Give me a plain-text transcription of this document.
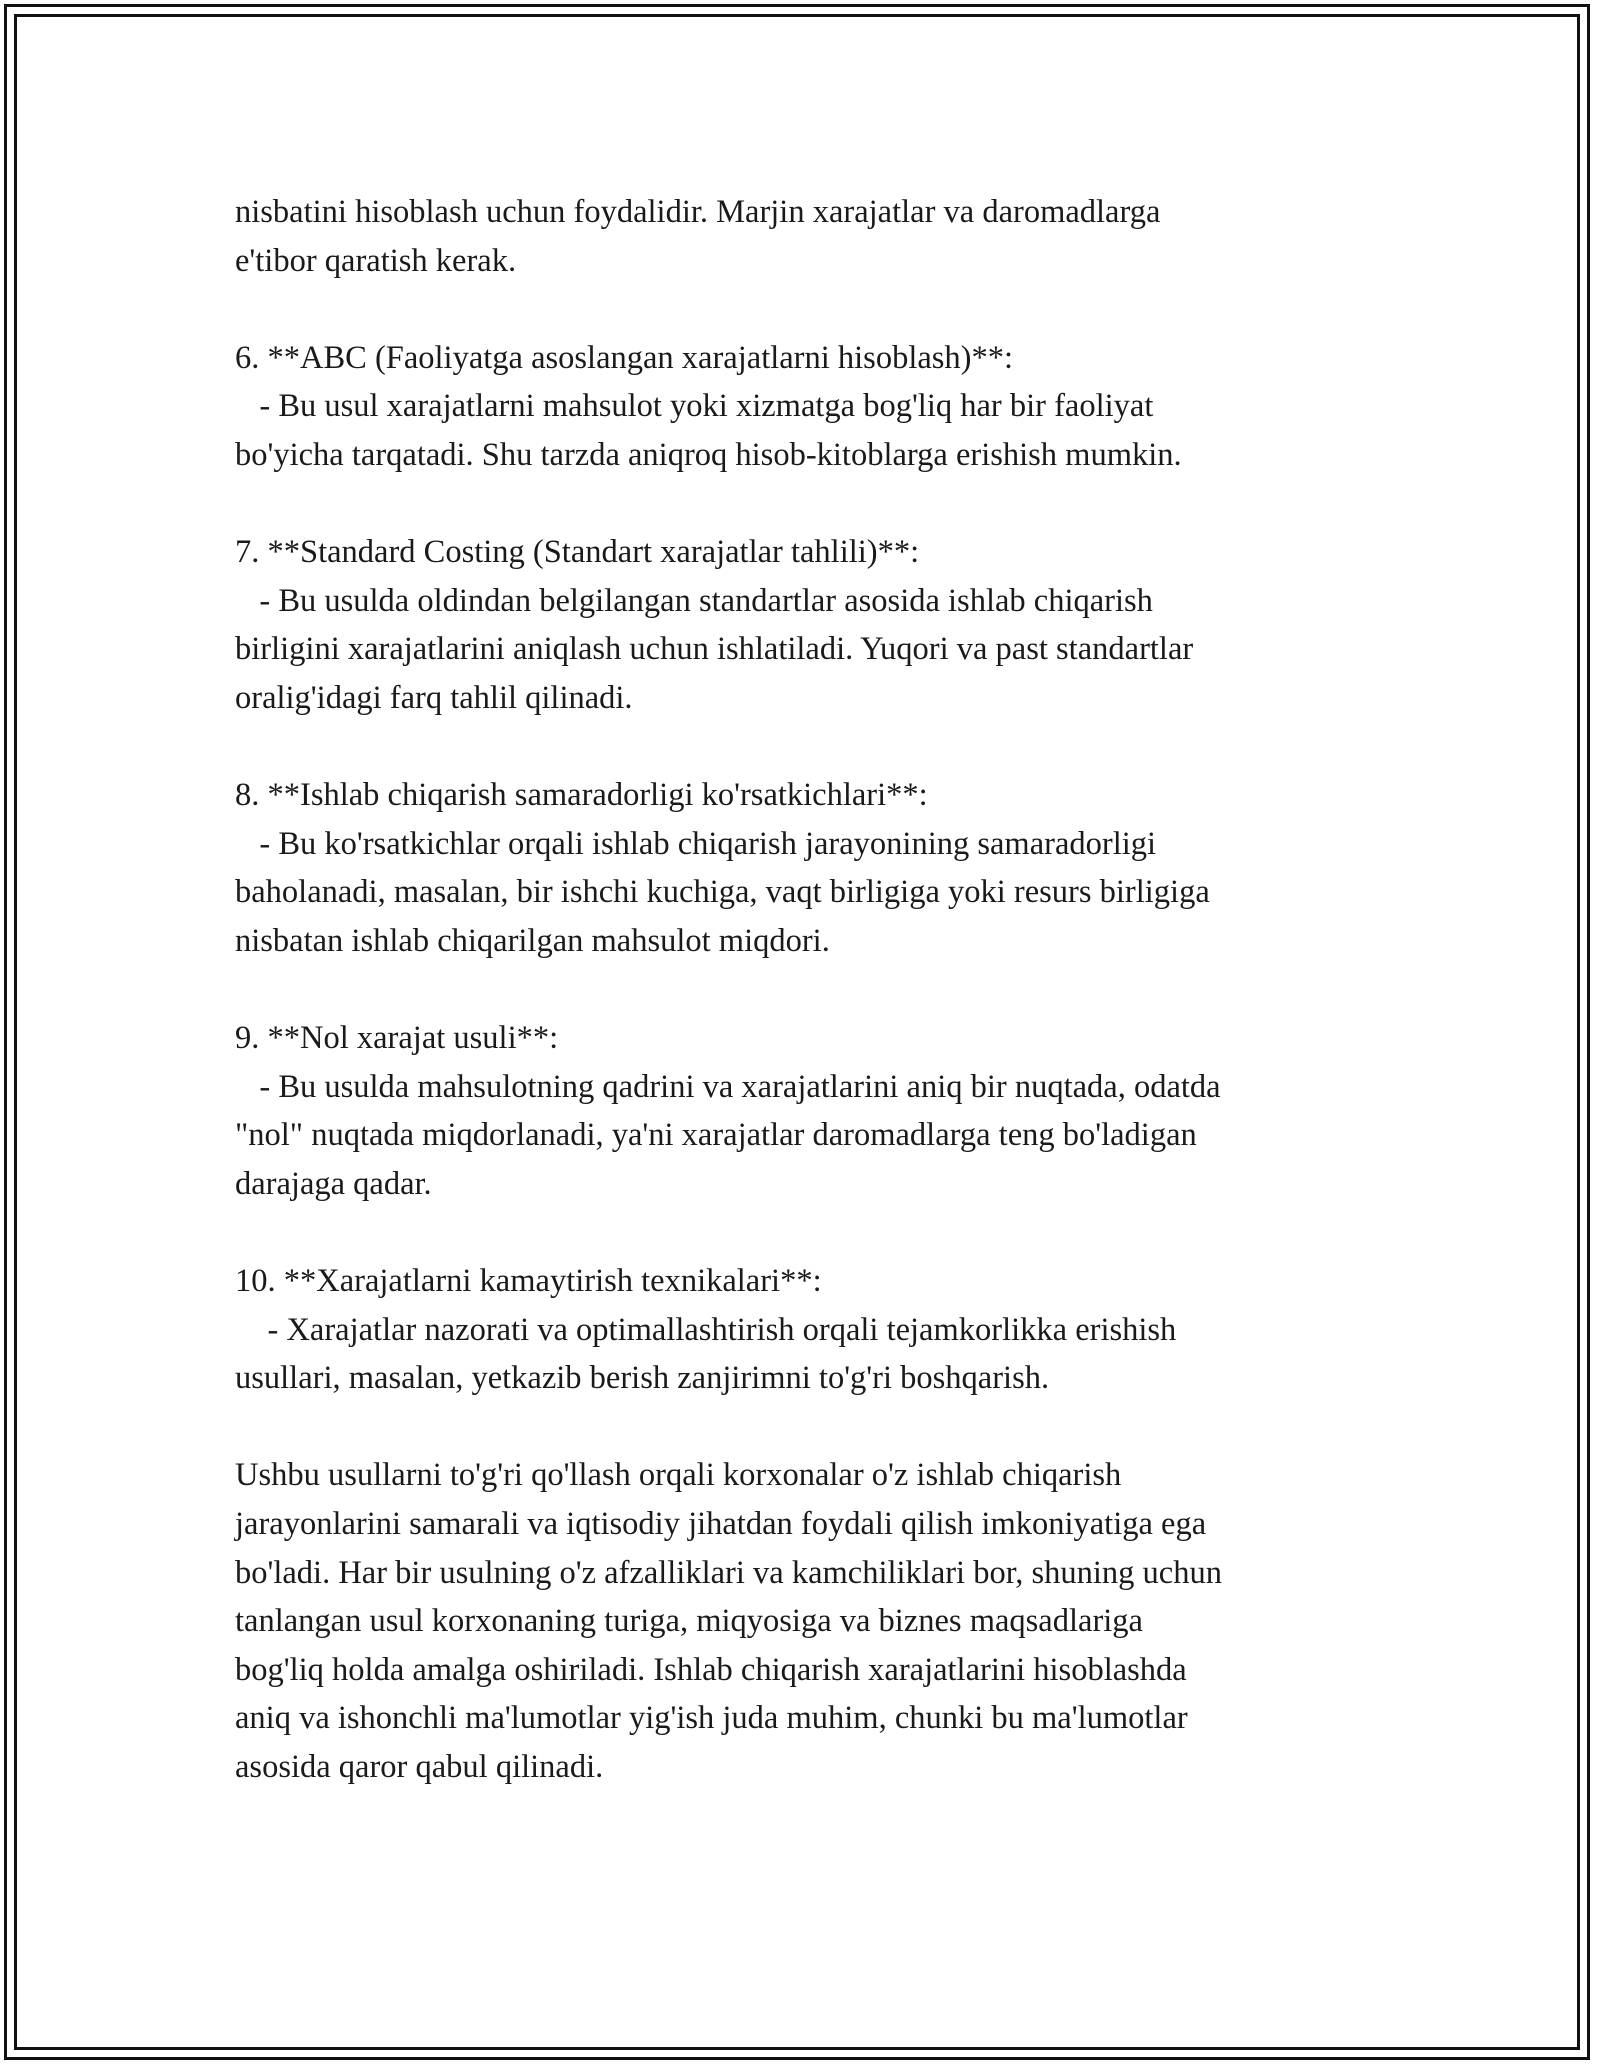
nisbatini hisoblash uchun foydalidir. Marjin xarajatlar va daromadlarga
e'tibor qaratish kerak.
6. **ABC (Faoliyatga asoslangan xarajatlarni hisoblash)**:
- Bu usul xarajatlarni mahsulot yoki xizmatga bog'liq har bir faoliyat
bo'yicha tarqatadi. Shu tarzda aniqroq hisob-kitoblarga erishish mumkin.
7. **Standard Costing (Standart xarajatlar tahlili)**:
- Bu usulda oldindan belgilangan standartlar asosida ishlab chiqarish
birligini xarajatlarini aniqlash uchun ishlatiladi. Yuqori va past standartlar
oralig'idagi farq tahlil qilinadi.
8. **Ishlab chiqarish samaradorligi ko'rsatkichlari**:
- Bu ko'rsatkichlar orqali ishlab chiqarish jarayonining samaradorligi
baholanadi, masalan, bir ishchi kuchiga, vaqt birligiga yoki resurs birligiga
nisbatan ishlab chiqarilgan mahsulot miqdori.
9. **Nol xarajat usuli**:
- Bu usulda mahsulotning qadrini va xarajatlarini aniq bir nuqtada, odatda
"nol" nuqtada miqdorlanadi, ya'ni xarajatlar daromadlarga teng bo'ladigan
darajaga qadar.
10. **Xarajatlarni kamaytirish texnikalari**:
- Xarajatlar nazorati va optimallashtirish orqali tejamkorlikka erishish
usullari, masalan, yetkazib berish zanjirimni to'g'ri boshqarish.
Ushbu usullarni to'g'ri qo'llash orqali korxonalar o'z ishlab chiqarish
jarayonlarini samarali va iqtisodiy jihatdan foydali qilish imkoniyatiga ega
bo'ladi. Har bir usulning o'z afzalliklari va kamchiliklari bor, shuning uchun
tanlangan usul korxonaning turiga, miqyosiga va biznes maqsadlariga
bog'liq holda amalga oshiriladi. Ishlab chiqarish xarajatlarini hisoblashda
aniq va ishonchli ma'lumotlar yig'ish juda muhim, chunki bu ma'lumotlar
asosida qaror qabul qilinadi.
